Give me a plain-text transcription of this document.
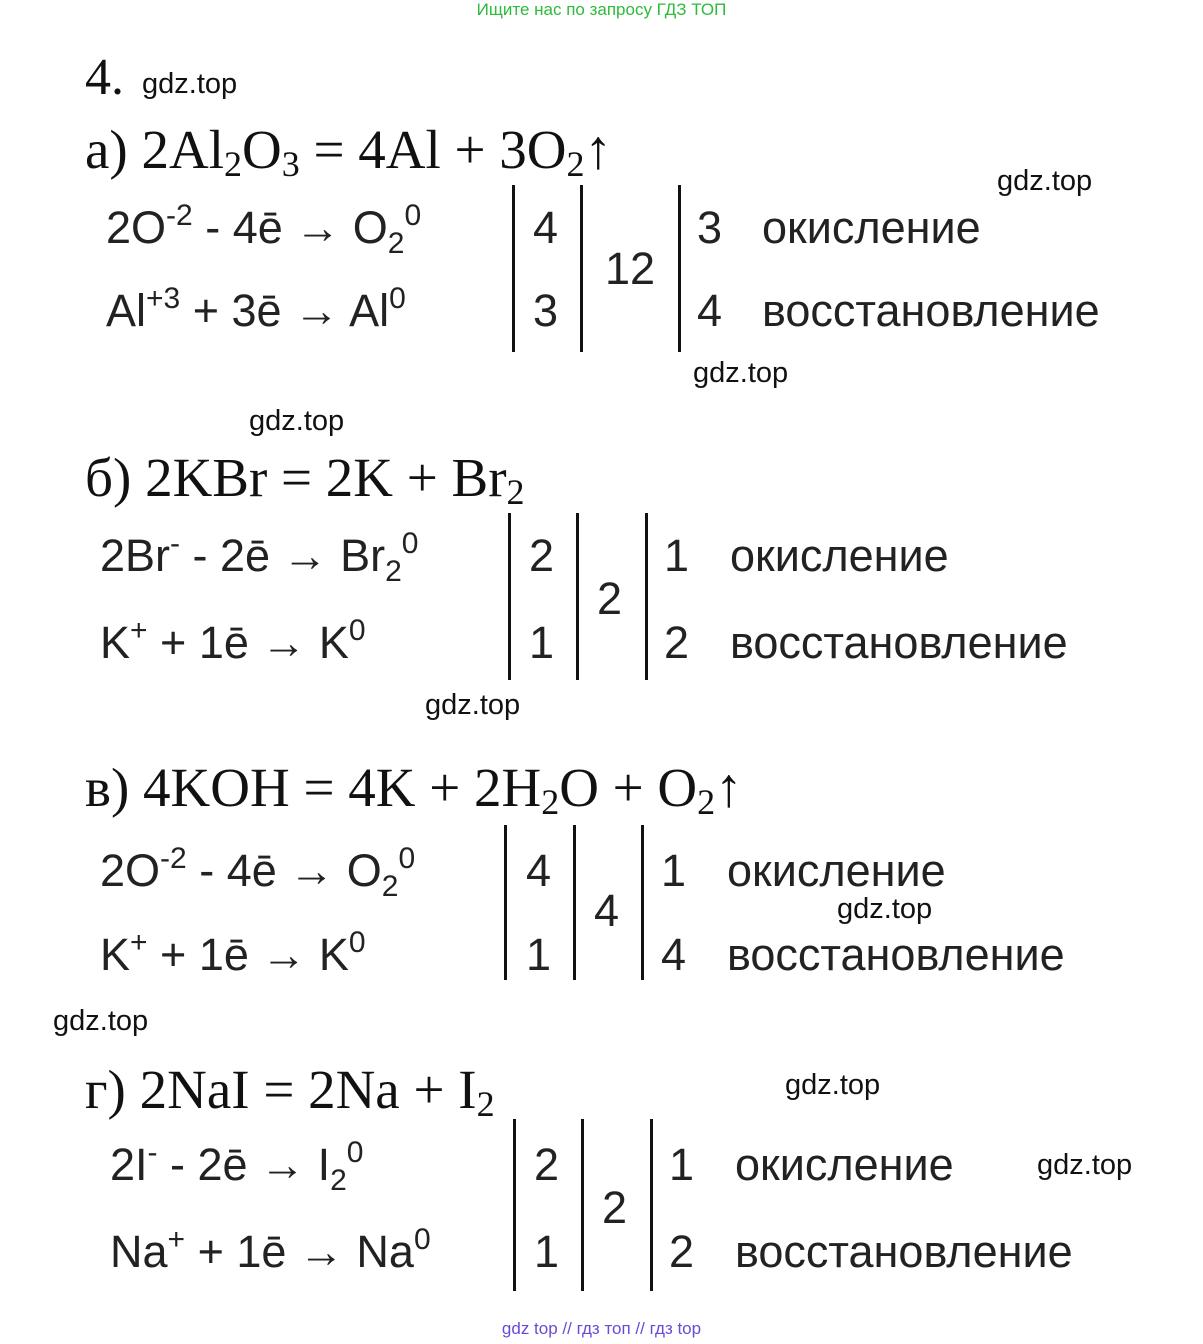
Ищите нас по запросу ГДЗ ТОП
4. gdz.top
gdz.top
gdz.top
gdz.top
gdz.top
gdz.top
gdz.top
gdz.top
gdz.top
а) $2Al_2O_3 = 4Al$ + $3O_2↑$
$2O^{-2}$ - 4ē → $O_2^0$
$Al^{+3}$ + 3ē → $Al^0$
4
3
12
3
4
окисление
восстановление
б) $2KBr = 2K + Br_2$
2Br- - 2ē → $Br_2^0$
K+ + 1ē → $K^0$
2
1
2
1
2
окисление
восстановление
в) $4KOH = 4K + 2H_2O$ + $O_2↑$
$2O^{-2}$ - 4ē → $O_2^0$
K+ + 1ē → $K^0$
4
1
4
1
4
окисление
восстановление
г) $2NaI = 2Na + I_2$
2I- - 2ē → $I_2^0$
Na+ + 1ē → $Na^0$
2
1
2
1
2
окисление
восстановление
gdz top // гдз топ // гдз top
